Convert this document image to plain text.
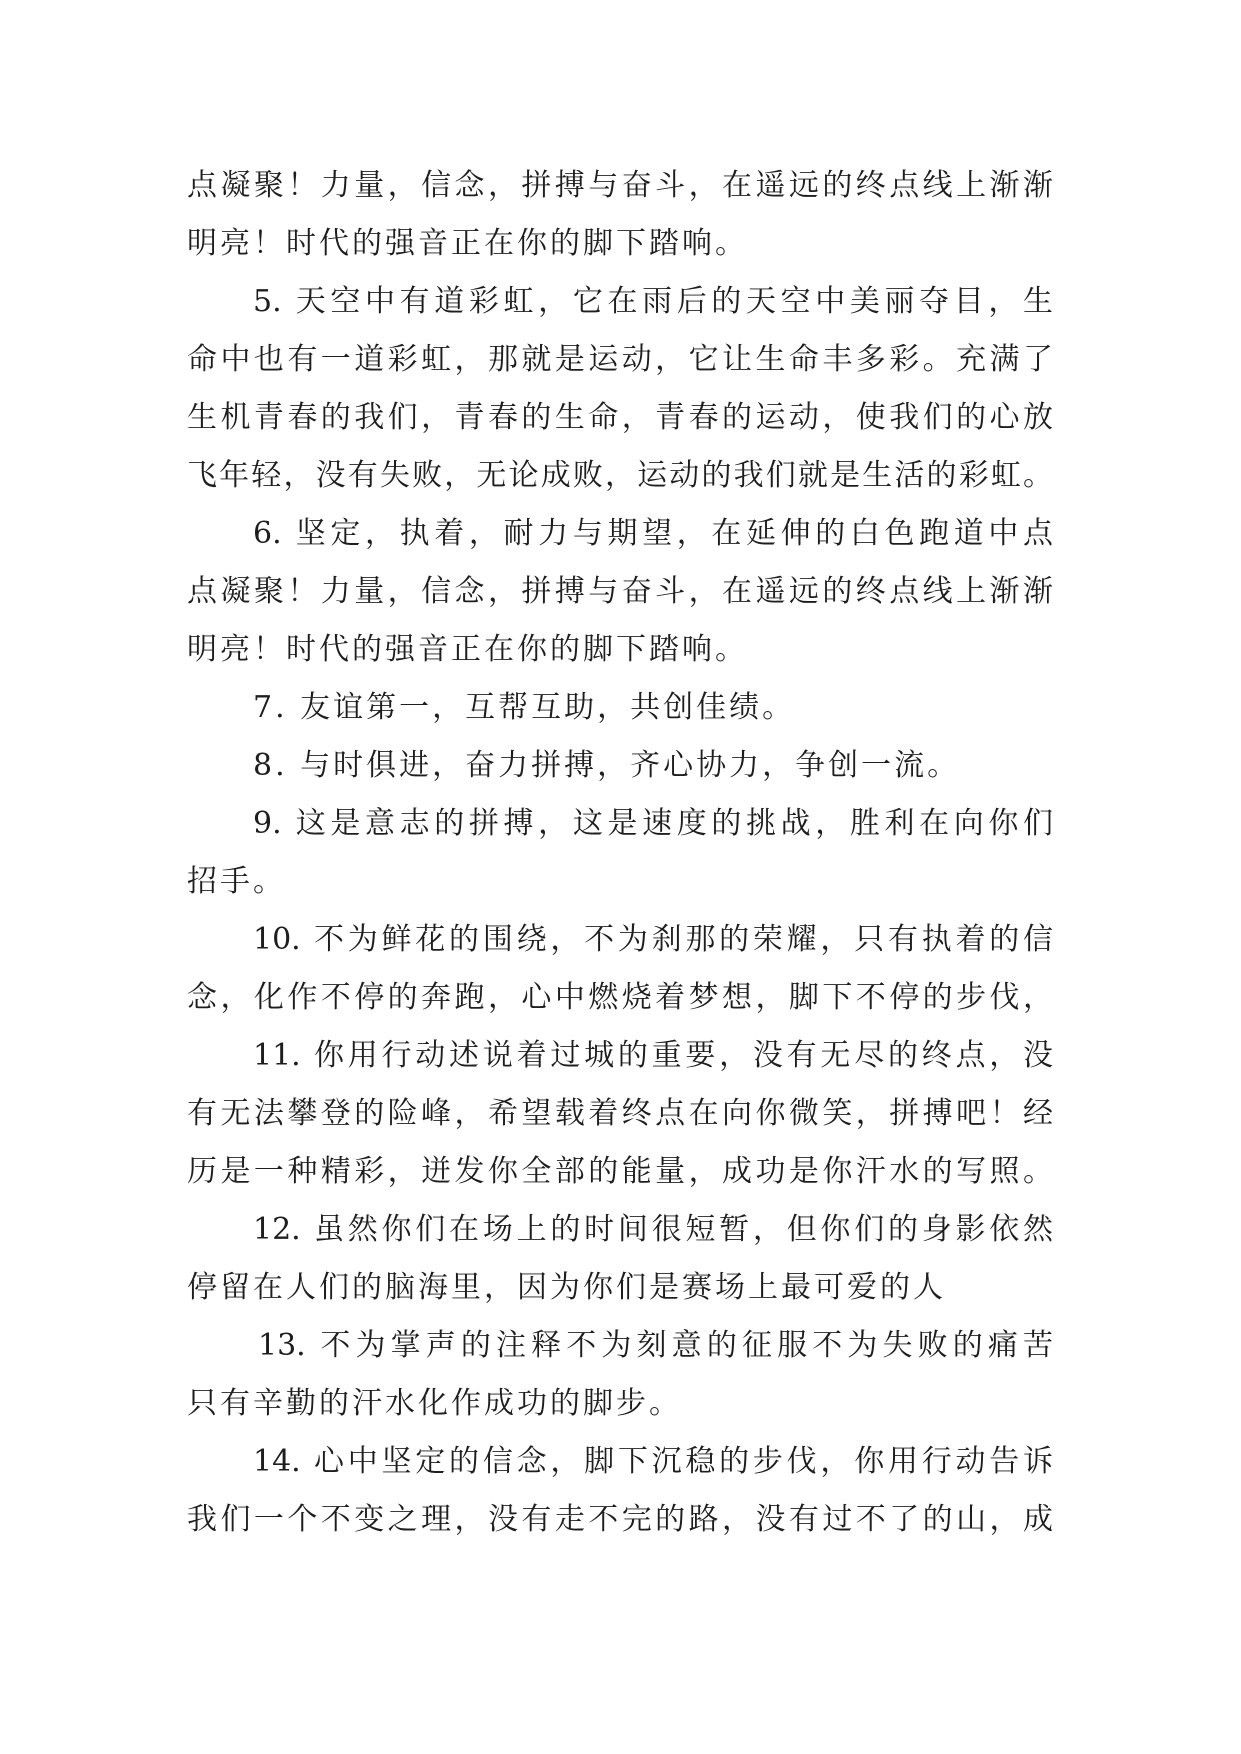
点凝聚！力量，信念，拼搏与奋斗，在遥远的终点线上渐渐
明亮！时代的强音正在你的脚下踏响。
5. 天空中有道彩虹，它在雨后的天空中美丽夺目，生
命中也有一道彩虹，那就是运动，它让生命丰多彩。充满了
生机青春的我们，青春的生命，青春的运动，使我们的心放
飞年轻，没有失败，无论成败，运动的我们就是生活的彩虹。
6. 坚定，执着，耐力与期望，在延伸的白色跑道中点
点凝聚！力量，信念，拼搏与奋斗，在遥远的终点线上渐渐
明亮！时代的强音正在你的脚下踏响。
7. 友谊第一，互帮互助，共创佳绩。
8. 与时俱进，奋力拼搏，齐心协力，争创一流。
9. 这是意志的拼搏，这是速度的挑战，胜利在向你们
招手。
10. 不为鲜花的围绕，不为刹那的荣耀，只有执着的信
念，化作不停的奔跑，心中燃烧着梦想，脚下不停的步伐，
11. 你用行动述说着过城的重要，没有无尽的终点，没
有无法攀登的险峰，希望载着终点在向你微笑，拼搏吧！经
历是一种精彩，迸发你全部的能量，成功是你汗水的写照。
12. 虽然你们在场上的时间很短暂，但你们的身影依然
停留在人们的脑海里，因为你们是赛场上最可爱的人
13. 不为掌声的注释不为刻意的征服不为失败的痛苦
只有辛勤的汗水化作成功的脚步。
14. 心中坚定的信念，脚下沉稳的步伐，你用行动告诉
我们一个不变之理，没有走不完的路，没有过不了的山，成
